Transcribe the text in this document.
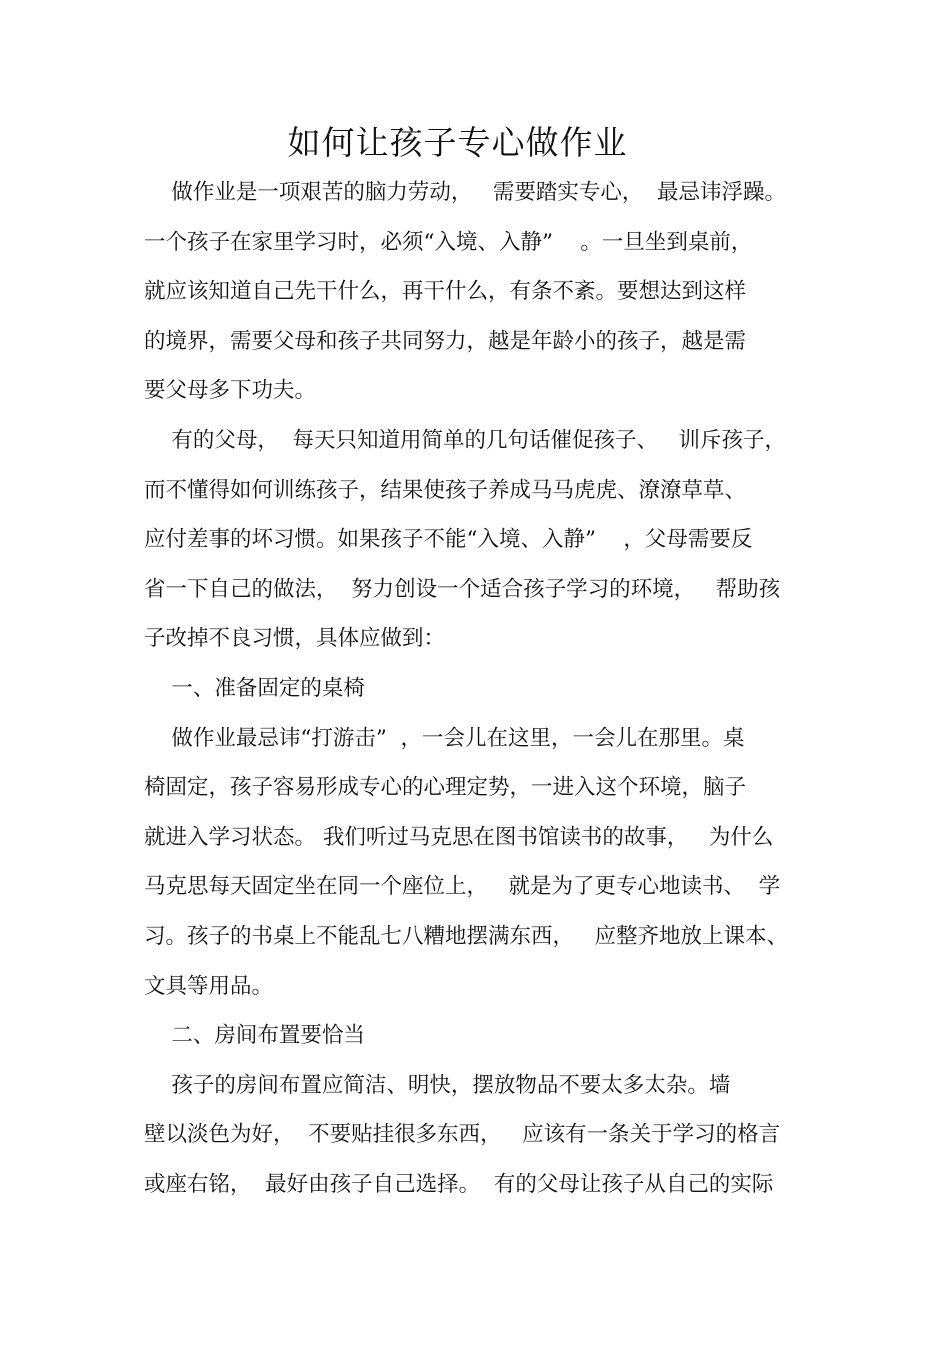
如何让孩子专心做作业
做作业是一项艰苦的脑力劳动，   需要踏实专心，  最忌讳浮躁。
一个孩子在家里学习时，必须“入境、入静”    。一旦坐到桌前，
就应该知道自己先干什么，再干什么，有条不紊。要想达到这样
的境界，需要父母和孩子共同努力，越是年龄小的孩子，越是需
要父母多下功夫。
有的父母，  每天只知道用简单的几句话催促孩子、   训斥孩子，
而不懂得如何训练孩子，结果使孩子养成马马虎虎、潦潦草草、
应付差事的坏习惯。如果孩子不能“入境、入静”    ，父母需要反
省一下自己的做法，  努力创设一个适合孩子学习的环境，   帮助孩
子改掉不良习惯，具体应做到：
一、准备固定的桌椅
做作业最忌讳“打游击”  ，一会儿在这里，一会儿在那里。桌
椅固定，孩子容易形成专心的心理定势，一进入这个环境，脑子
就进入学习状态。 我们听过马克思在图书馆读书的故事，   为什么
马克思每天固定坐在同一个座位上，   就是为了更专心地读书、  学
习。孩子的书桌上不能乱七八糟地摆满东西，   应整齐地放上课本、
文具等用品。
二、房间布置要恰当
孩子的房间布置应简洁、明快，摆放物品不要太多太杂。墙
壁以淡色为好，  不要贴挂很多东西，   应该有一条关于学习的格言
或座右铭，  最好由孩子自己选择。  有的父母让孩子从自己的实际
